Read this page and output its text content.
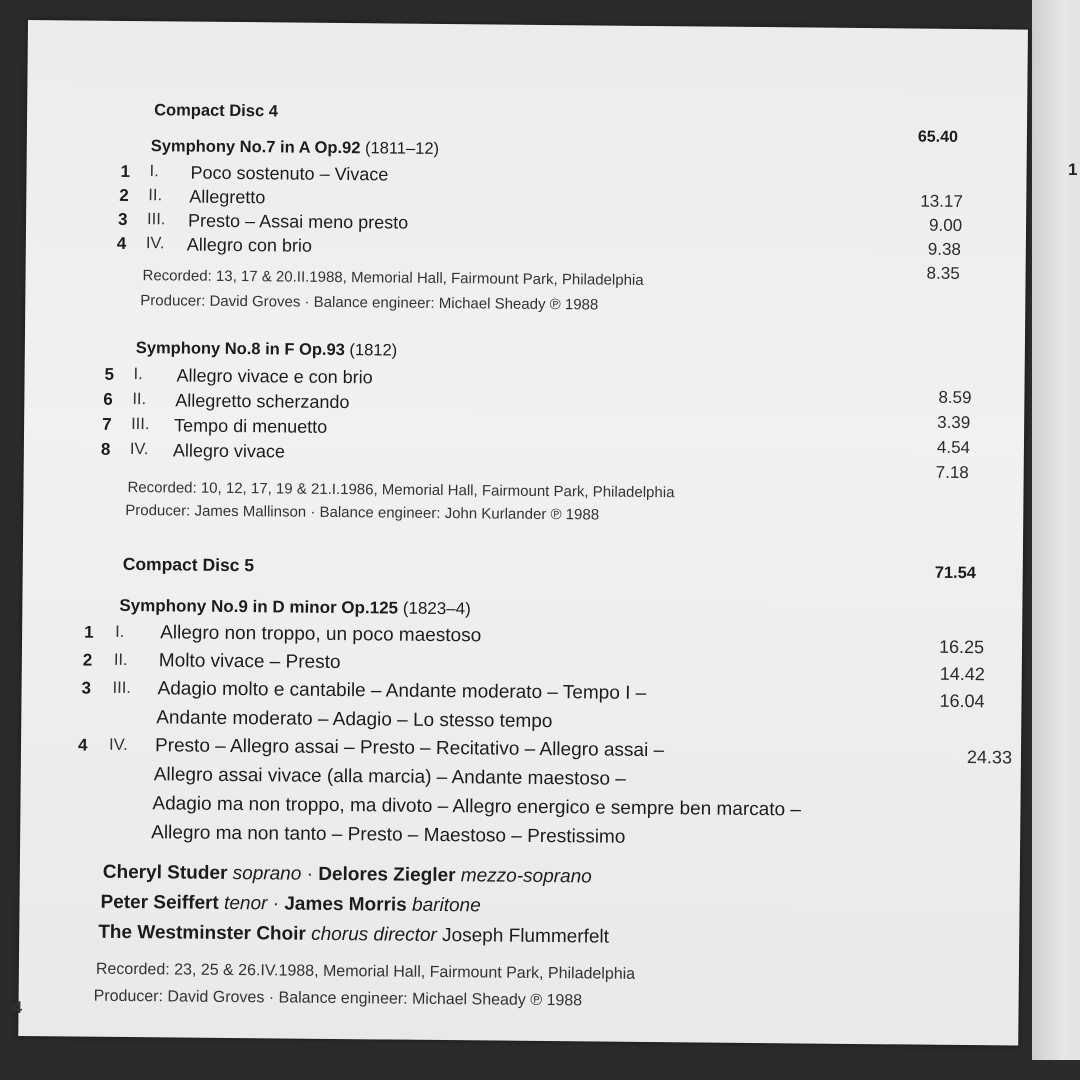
1
Compact Disc 4
65.40
Symphony No.7 in A Op.92 (1811–12)
1 I. Poco sostenuto – Vivace
2 II. Allegretto
3 III. Presto – Assai meno presto
4 IV. Allegro con brio
13.17
9.00
9.38
8.35
Recorded: 13, 17 & 20.II.1988, Memorial Hall, Fairmount Park, Philadelphia
Producer: David Groves · Balance engineer: Michael Sheady ℗ 1988
Symphony No.8 in F Op.93 (1812)
5 I. Allegro vivace e con brio
6 II. Allegretto scherzando
7 III. Tempo di menuetto
8 IV. Allegro vivace
8.59
3.39
4.54
7.18
Recorded: 10, 12, 17, 19 & 21.I.1986, Memorial Hall, Fairmount Park, Philadelphia
Producer: James Mallinson · Balance engineer: John Kurlander ℗ 1988
Compact Disc 5	71.54
Symphony No.9 in D minor Op.125 (1823–4)
1 I. Allegro non troppo, un poco maestoso
2 II. Molto vivace – Presto
3 III. Adagio molto e cantabile – Andante moderato – Tempo I –
Andante moderato – Adagio – Lo stesso tempo
4 IV. Presto – Allegro assai – Presto – Recitativo – Allegro assai –
Allegro assai vivace (alla marcia) – Andante maestoso –
Adagio ma non troppo, ma divoto – Allegro energico e sempre ben marcato –
Allegro ma non tanto – Presto – Maestoso – Prestissimo
16.25
14.42
16.04
24.33
Cheryl Studer soprano · Delores Ziegler mezzo-soprano
Peter Seiffert tenor · James Morris baritone
The Westminster Choir chorus director Joseph Flummerfelt
Recorded: 23, 25 & 26.IV.1988, Memorial Hall, Fairmount Park, Philadelphia
Producer: David Groves · Balance engineer: Michael Sheady ℗ 1988
4
